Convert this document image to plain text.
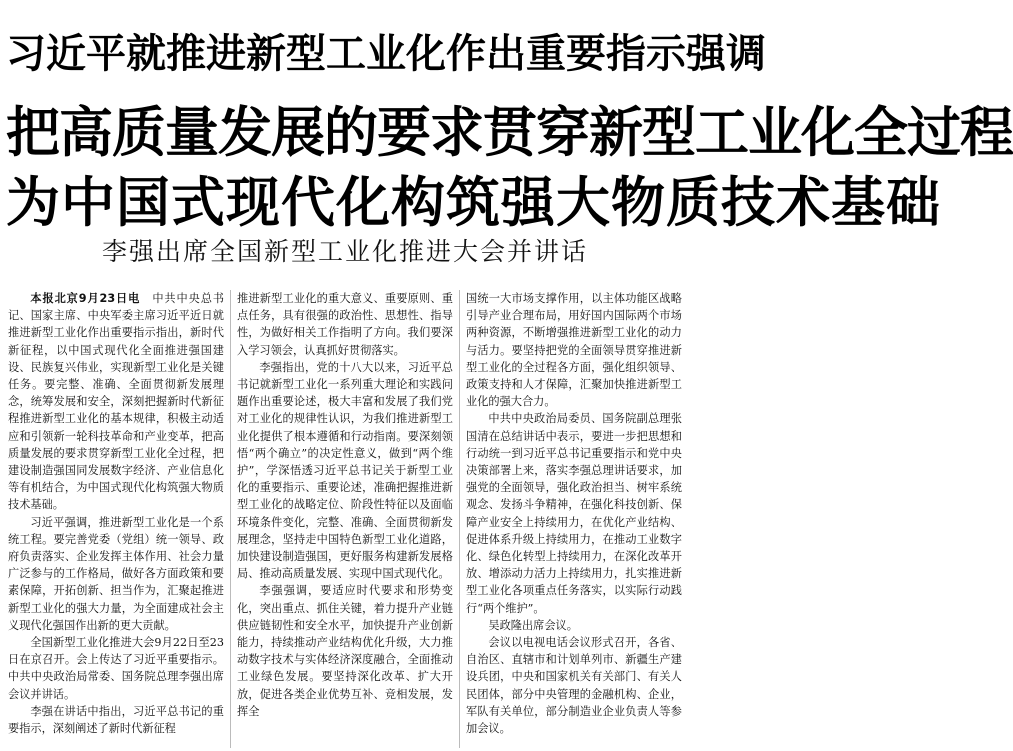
习近平就推进新型工业化作出重要指示强调
把高质量发展的要求贯穿新型工业化全过程
为中国式现代化构筑强大物质技术基础
李强出席全国新型工业化推进大会并讲话

本报北京9月23日电　 中共中央总书记、国家主席、中央军委主席习近平近日就推进新型工业化作出重要指示指出，新时代新征程，以中国式现代化全面推进强国建设、民族复兴伟业，实现新型工业化是关键任务。要完整、准确、全面贯彻新发展理念，统筹发展和安全，深刻把握新时代新征程推进新型工业化的基本规律，积极主动适应和引领新一轮科技革命和产业变革，把高质量发展的要求贯穿新型工业化全过程，把建设制造强国同发展数字经济、产业信息化等有机结合，为中国式现代化构筑强大物质技术基础。

习近平强调，推进新型工业化是一个系统工程。要完善党委（党组）统一领导、政府负责落实、企业发挥主体作用、社会力量广泛参与的工作格局，做好各方面政策和要素保障，开拓创新、担当作为，汇聚起推进新型工业化的强大力量，为全面建成社会主义现代化强国作出新的更大贡献。

全国新型工业化推进大会9月22日至23日在京召开。会上传达了习近平重要指示。中共中央政治局常委、国务院总理李强出席会议并讲话。

李强在讲话中指出，习近平总书记的重要指示，深刻阐述了新时代新征程

推进新型工业化的重大意义、重要原则、重点任务，具有很强的政治性、思想性、指导性，为做好相关工作指明了方向。我们要深入学习领会，认真抓好贯彻落实。

李强指出，党的十八大以来，习近平总书记就新型工业化一系列重大理论和实践问题作出重要论述，极大丰富和发展了我们党对工业化的规律性认识，为我们推进新型工业化提供了根本遵循和行动指南。要深刻领悟“两个确立”的决定性意义，做到“两个维护”，学深悟透习近平总书记关于新型工业化的重要指示、重要论述，准确把握推进新型工业化的战略定位、阶段性特征以及面临环境条件变化，完整、准确、全面贯彻新发展理念，坚持走中国特色新型工业化道路，加快建设制造强国，更好服务构建新发展格局、推动高质量发展、实现中国式现代化。

李强强调，要适应时代要求和形势变化，突出重点、抓住关键，着力提升产业链供应链韧性和安全水平，加快提升产业创新能力，持续推动产业结构优化升级，大力推动数字技术与实体经济深度融合，全面推动工业绿色发展。要坚持深化改革、扩大开放，促进各类企业优势互补、竞相发展，发挥全

国统一大市场支撑作用，以主体功能区战略引导产业合理布局，用好国内国际两个市场两种资源，不断增强推进新型工业化的动力与活力。要坚持把党的全面领导贯穿推进新型工业化的全过程各方面，强化组织领导、政策支持和人才保障，汇聚加快推进新型工业化的强大合力。

中共中央政治局委员、国务院副总理张国清在总结讲话中表示，要进一步把思想和行动统一到习近平总书记重要指示和党中央决策部署上来，落实李强总理讲话要求，加强党的全面领导，强化政治担当、树牢系统观念、发扬斗争精神，在强化科技创新、保障产业安全上持续用力，在优化产业结构、促进体系升级上持续用力，在推动工业数字化、绿色化转型上持续用力，在深化改革开放、增添动力活力上持续用力，扎实推进新型工业化各项重点任务落实，以实际行动践行“两个维护”。

吴政隆出席会议。

会议以电视电话会议形式召开，各省、自治区、直辖市和计划单列市、新疆生产建设兵团，中央和国家机关有关部门、有关人民团体，部分中央管理的金融机构、企业，军队有关单位，部分制造业企业负责人等参加会议。
